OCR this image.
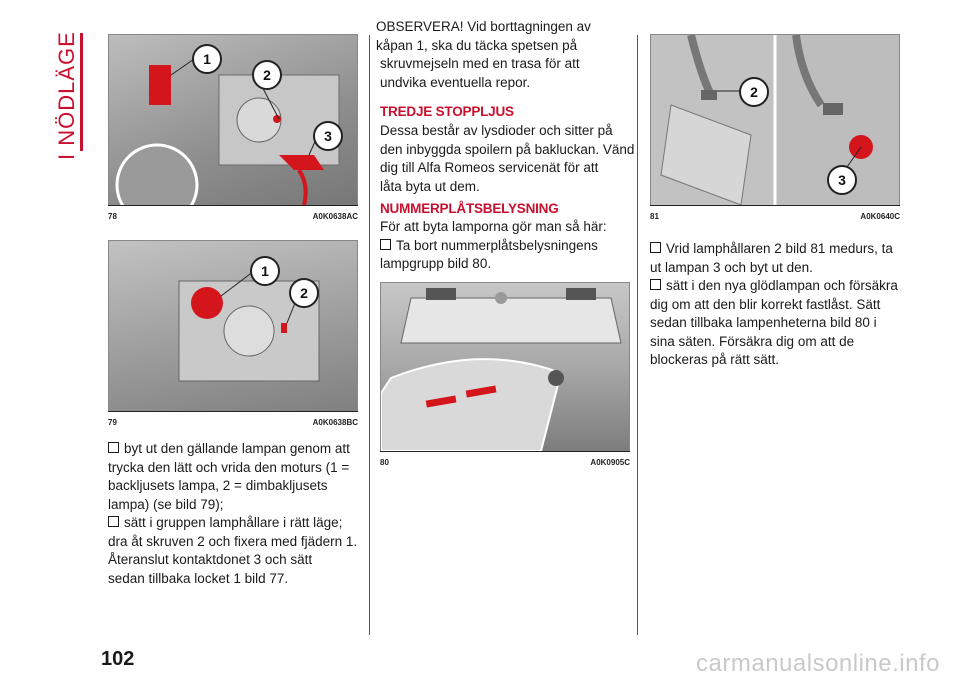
I NÖDLÄGE	1
2
3
78	A0K0638AC
1
2
79	A0K0638BC
byt ut den gällande lampan genom att
trycka den lätt och vrida den moturs (1 =
backljusets lampa, 2 = dimbakljusets
lampa) (se bild 79);
sätt i gruppen lamphållare i rätt läge;
dra åt skruven 2 och fixera med fjädern 1.
Återanslut kontaktdonet 3 och sätt
sedan tillbaka locket 1 bild 77.
OBSERVERA! Vid borttagningen av
kåpan 1, ska du täcka spetsen på
skruvmejseln med en trasa för att
undvika eventuella repor.
TREDJE STOPPLJUS
Dessa består av lysdioder och sitter på
den inbyggda spoilern på bakluckan. Vänd
dig till Alfa Romeos servicenät för att
låta byta ut dem.
NUMMERPLÅTSBELYSNING
För att byta lamporna gör man så här:
Ta bort nummerplåtsbelysningens
lampgrupp bild 80.
80	A0K0905C
2
3
81	A0K0640C
Vrid lamphållaren 2 bild 81 medurs, ta
ut lampan 3 och byt ut den.
sätt i den nya glödlampan och försäkra
dig om att den blir korrekt fastlåst. Sätt
sedan tillbaka lampenheterna bild 80 i
sina säten. Försäkra dig om att de
blockeras på rätt sätt.
102	carmanualsonline.info
